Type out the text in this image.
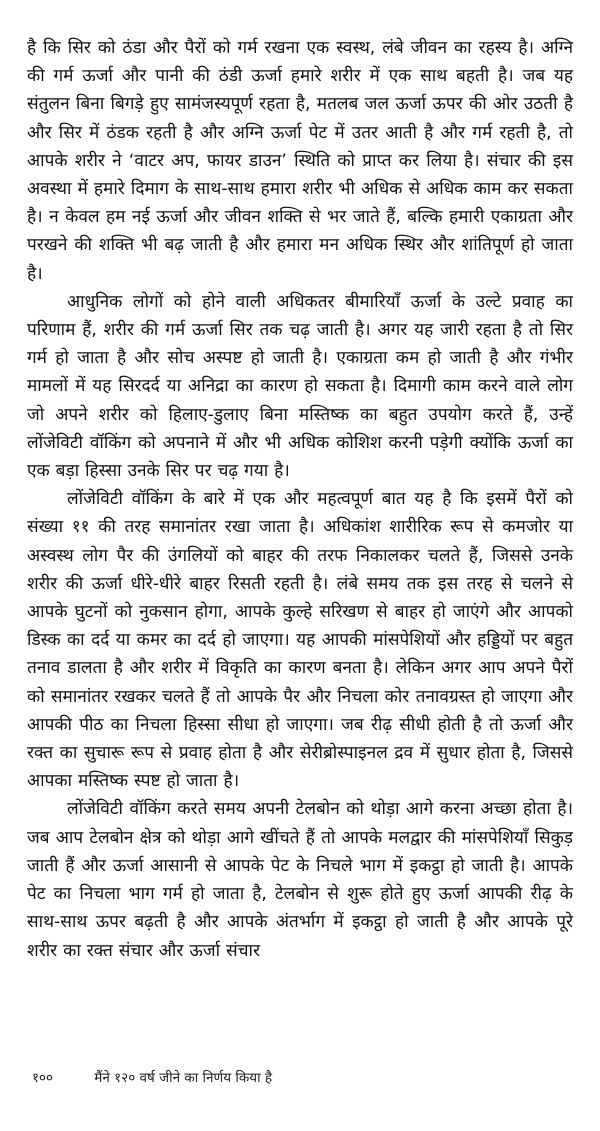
है कि सिर को ठंडा और पैरों को गर्म रखना एक स्वस्थ, लंबे जीवन का रहस्य है। अग्नि की गर्म ऊर्जा और पानी की ठंडी ऊर्जा हमारे शरीर में एक साथ बहती है। जब यह संतुलन बिना बिगड़े हुए सामंजस्यपूर्ण रहता है, मतलब जल ऊर्जा ऊपर की ओर उठती है और सिर में ठंडक रहती है और अग्नि ऊर्जा पेट में उतर आती है और गर्म रहती है, तो आपके शरीर ने ‘वाटर अप, फायर डाउन’ स्थिति को प्राप्त कर लिया है। संचार की इस अवस्था में हमारे दिमाग के साथ-साथ हमारा शरीर भी अधिक से अधिक काम कर सकता है। न केवल हम नई ऊर्जा और जीवन शक्ति से भर जाते हैं, बल्कि हमारी एकाग्रता और परखने की शक्ति भी बढ़ जाती है और हमारा मन अधिक स्थिर और शांतिपूर्ण हो जाता है।

आधुनिक लोगों को होने वाली अधिकतर बीमारियाँ ऊर्जा के उल्टे प्रवाह का परिणाम हैं, शरीर की गर्म ऊर्जा सिर तक चढ़ जाती है। अगर यह जारी रहता है तो सिर गर्म हो जाता है और सोच अस्पष्ट हो जाती है। एकाग्रता कम हो जाती है और गंभीर मामलों में यह सिरदर्द या अनिद्रा का कारण हो सकता है। दिमागी काम करने वाले लोग जो अपने शरीर को हिलाए-डुलाए बिना मस्तिष्क का बहुत उपयोग करते हैं, उन्हें लोंजेविटी वॉकिंग को अपनाने में और भी अधिक कोशिश करनी पड़ेगी क्योंकि ऊर्जा का एक बड़ा हिस्सा उनके सिर पर चढ़ गया है।

लोंजेविटी वॉकिंग के बारे में एक और महत्वपूर्ण बात यह है कि इसमें पैरों को संख्या ११ की तरह समानांतर रखा जाता है। अधिकांश शारीरिक रूप से कमजोर या अस्वस्थ लोग पैर की उंगलियों को बाहर की तरफ निकालकर चलते हैं, जिससे उनके शरीर की ऊर्जा धीरे-धीरे बाहर रिसती रहती है। लंबे समय तक इस तरह से चलने से आपके घुटनों को नुकसान होगा, आपके कुल्हे सरिखण से बाहर हो जाएंगे और आपको डिस्क का दर्द या कमर का दर्द हो जाएगा। यह आपकी मांसपेशियों और हड्डियों पर बहुत तनाव डालता है और शरीर में विकृति का कारण बनता है। लेकिन अगर आप अपने पैरों को समानांतर रखकर चलते हैं तो आपके पैर और निचला कोर तनावग्रस्त हो जाएगा और आपकी पीठ का निचला हिस्सा सीधा हो जाएगा। जब रीढ़ सीधी होती है तो ऊर्जा और रक्त का सुचारू रूप से प्रवाह होता है और सेरीब्रोस्पाइनल द्रव में सुधार होता है, जिससे आपका मस्तिष्क स्पष्ट हो जाता है।

लोंजेविटी वॉकिंग करते समय अपनी टेलबोन को थोड़ा आगे करना अच्छा होता है। जब आप टेलबोन क्षेत्र को थोड़ा आगे खींचते हैं तो आपके मलद्वार की मांसपेशियाँ सिकुड़ जाती हैं और ऊर्जा आसानी से आपके पेट के निचले भाग में इकट्ठा हो जाती है। आपके पेट का निचला भाग गर्म हो जाता है, टेलबोन से शुरू होते हुए ऊर्जा आपकी रीढ़ के साथ-साथ ऊपर बढ़ती है और आपके अंतर्भाग में इकट्ठा हो जाती है और आपके पूरे शरीर का रक्त संचार और ऊर्जा संचार

१००	मैंने १२० वर्ष जीने का निर्णय किया है
